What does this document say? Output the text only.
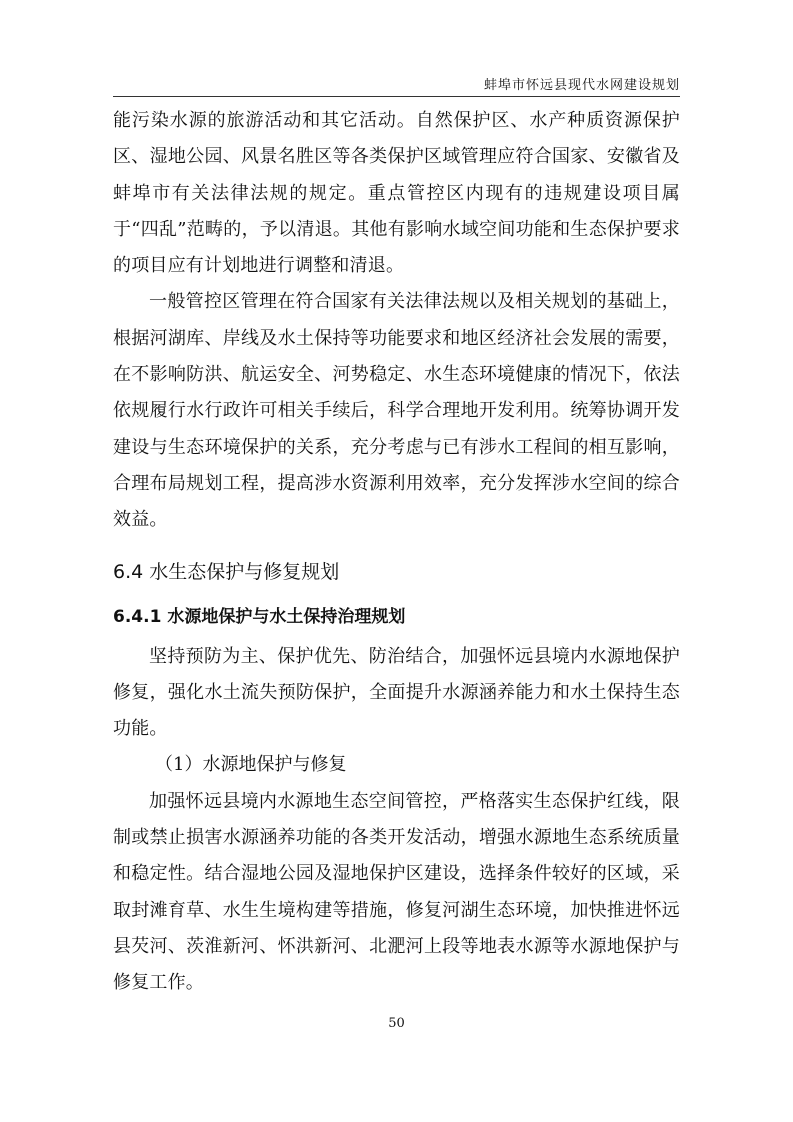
蚌埠市怀远县现代水网建设规划

能污染水源的旅游活动和其它活动。自然保护区、水产种质资源保护区、湿地公园、风景名胜区等各类保护区域管理应符合国家、安徽省及蚌埠市有关法律法规的规定。重点管控区内现有的违规建设项目属于“四乱”范畴的，予以清退。其他有影响水域空间功能和生态保护要求的项目应有计划地进行调整和清退。

一般管控区管理在符合国家有关法律法规以及相关规划的基础上，根据河湖库、岸线及水土保持等功能要求和地区经济社会发展的需要，在不影响防洪、航运安全、河势稳定、水生态环境健康的情况下，依法依规履行水行政许可相关手续后，科学合理地开发利用。统筹协调开发建设与生态环境保护的关系，充分考虑与已有涉水工程间的相互影响，合理布局规划工程，提高涉水资源利用效率，充分发挥涉水空间的综合效益。

6.4 水生态保护与修复规划
6.4.1 水源地保护与水土保持治理规划

坚持预防为主、保护优先、防治结合，加强怀远县境内水源地保护修复，强化水土流失预防保护，全面提升水源涵养能力和水土保持生态功能。

（1）水源地保护与修复

加强怀远县境内水源地生态空间管控，严格落实生态保护红线，限制或禁止损害水源涵养功能的各类开发活动，增强水源地生态系统质量和稳定性。结合湿地公园及湿地保护区建设，选择条件较好的区域，采取封滩育草、水生生境构建等措施，修复河湖生态环境，加快推进怀远县芡河、茨淮新河、怀洪新河、北淝河上段等地表水源等水源地保护与修复工作。

50
